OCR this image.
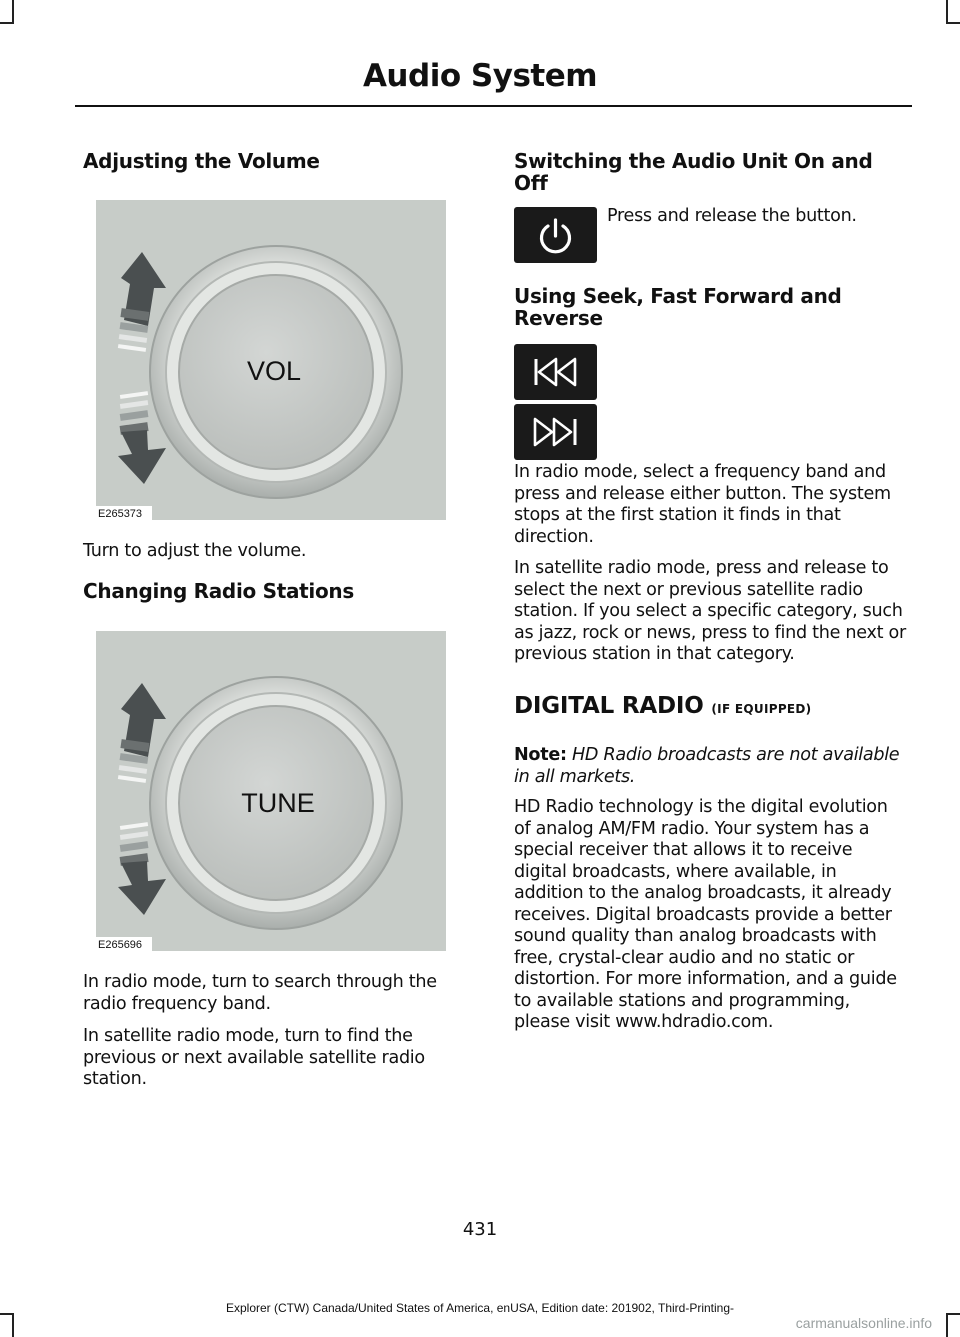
Audio System
Adjusting the Volume
VOL
E265373

Turn to adjust the volume.

Changing Radio Stations
TUNE
E265696

In radio mode, turn to search through the radio frequency band.

In satellite radio mode, turn to find the previous or next available satellite radio station.

Switching the Audio Unit On and Off

Press and release the button.

Using Seek, Fast Forward and Reverse

In radio mode, select a frequency band and press and release either button. The system stops at the first station it finds in that direction.

In satellite radio mode, press and release to select the next or previous satellite radio station. If you select a specific category, such as jazz, rock or news, press to find the next or previous station in that category.

DIGITAL RADIO (IF EQUIPPED)

Note: HD Radio broadcasts are not available in all markets.

HD Radio technology is the digital evolution of analog AM/FM radio. Your system has a special receiver that allows it to receive digital broadcasts, where available, in addition to the analog broadcasts, it already receives. Digital broadcasts provide a better sound quality than analog broadcasts with free, crystal-clear audio and no static or distortion. For more information, and a guide to available stations and programming, please visit www.hdradio.com.

431
Explorer (CTW) Canada/United States of America, enUSA, Edition date: 201902, Third-Printing-
carmanualsonline.info
